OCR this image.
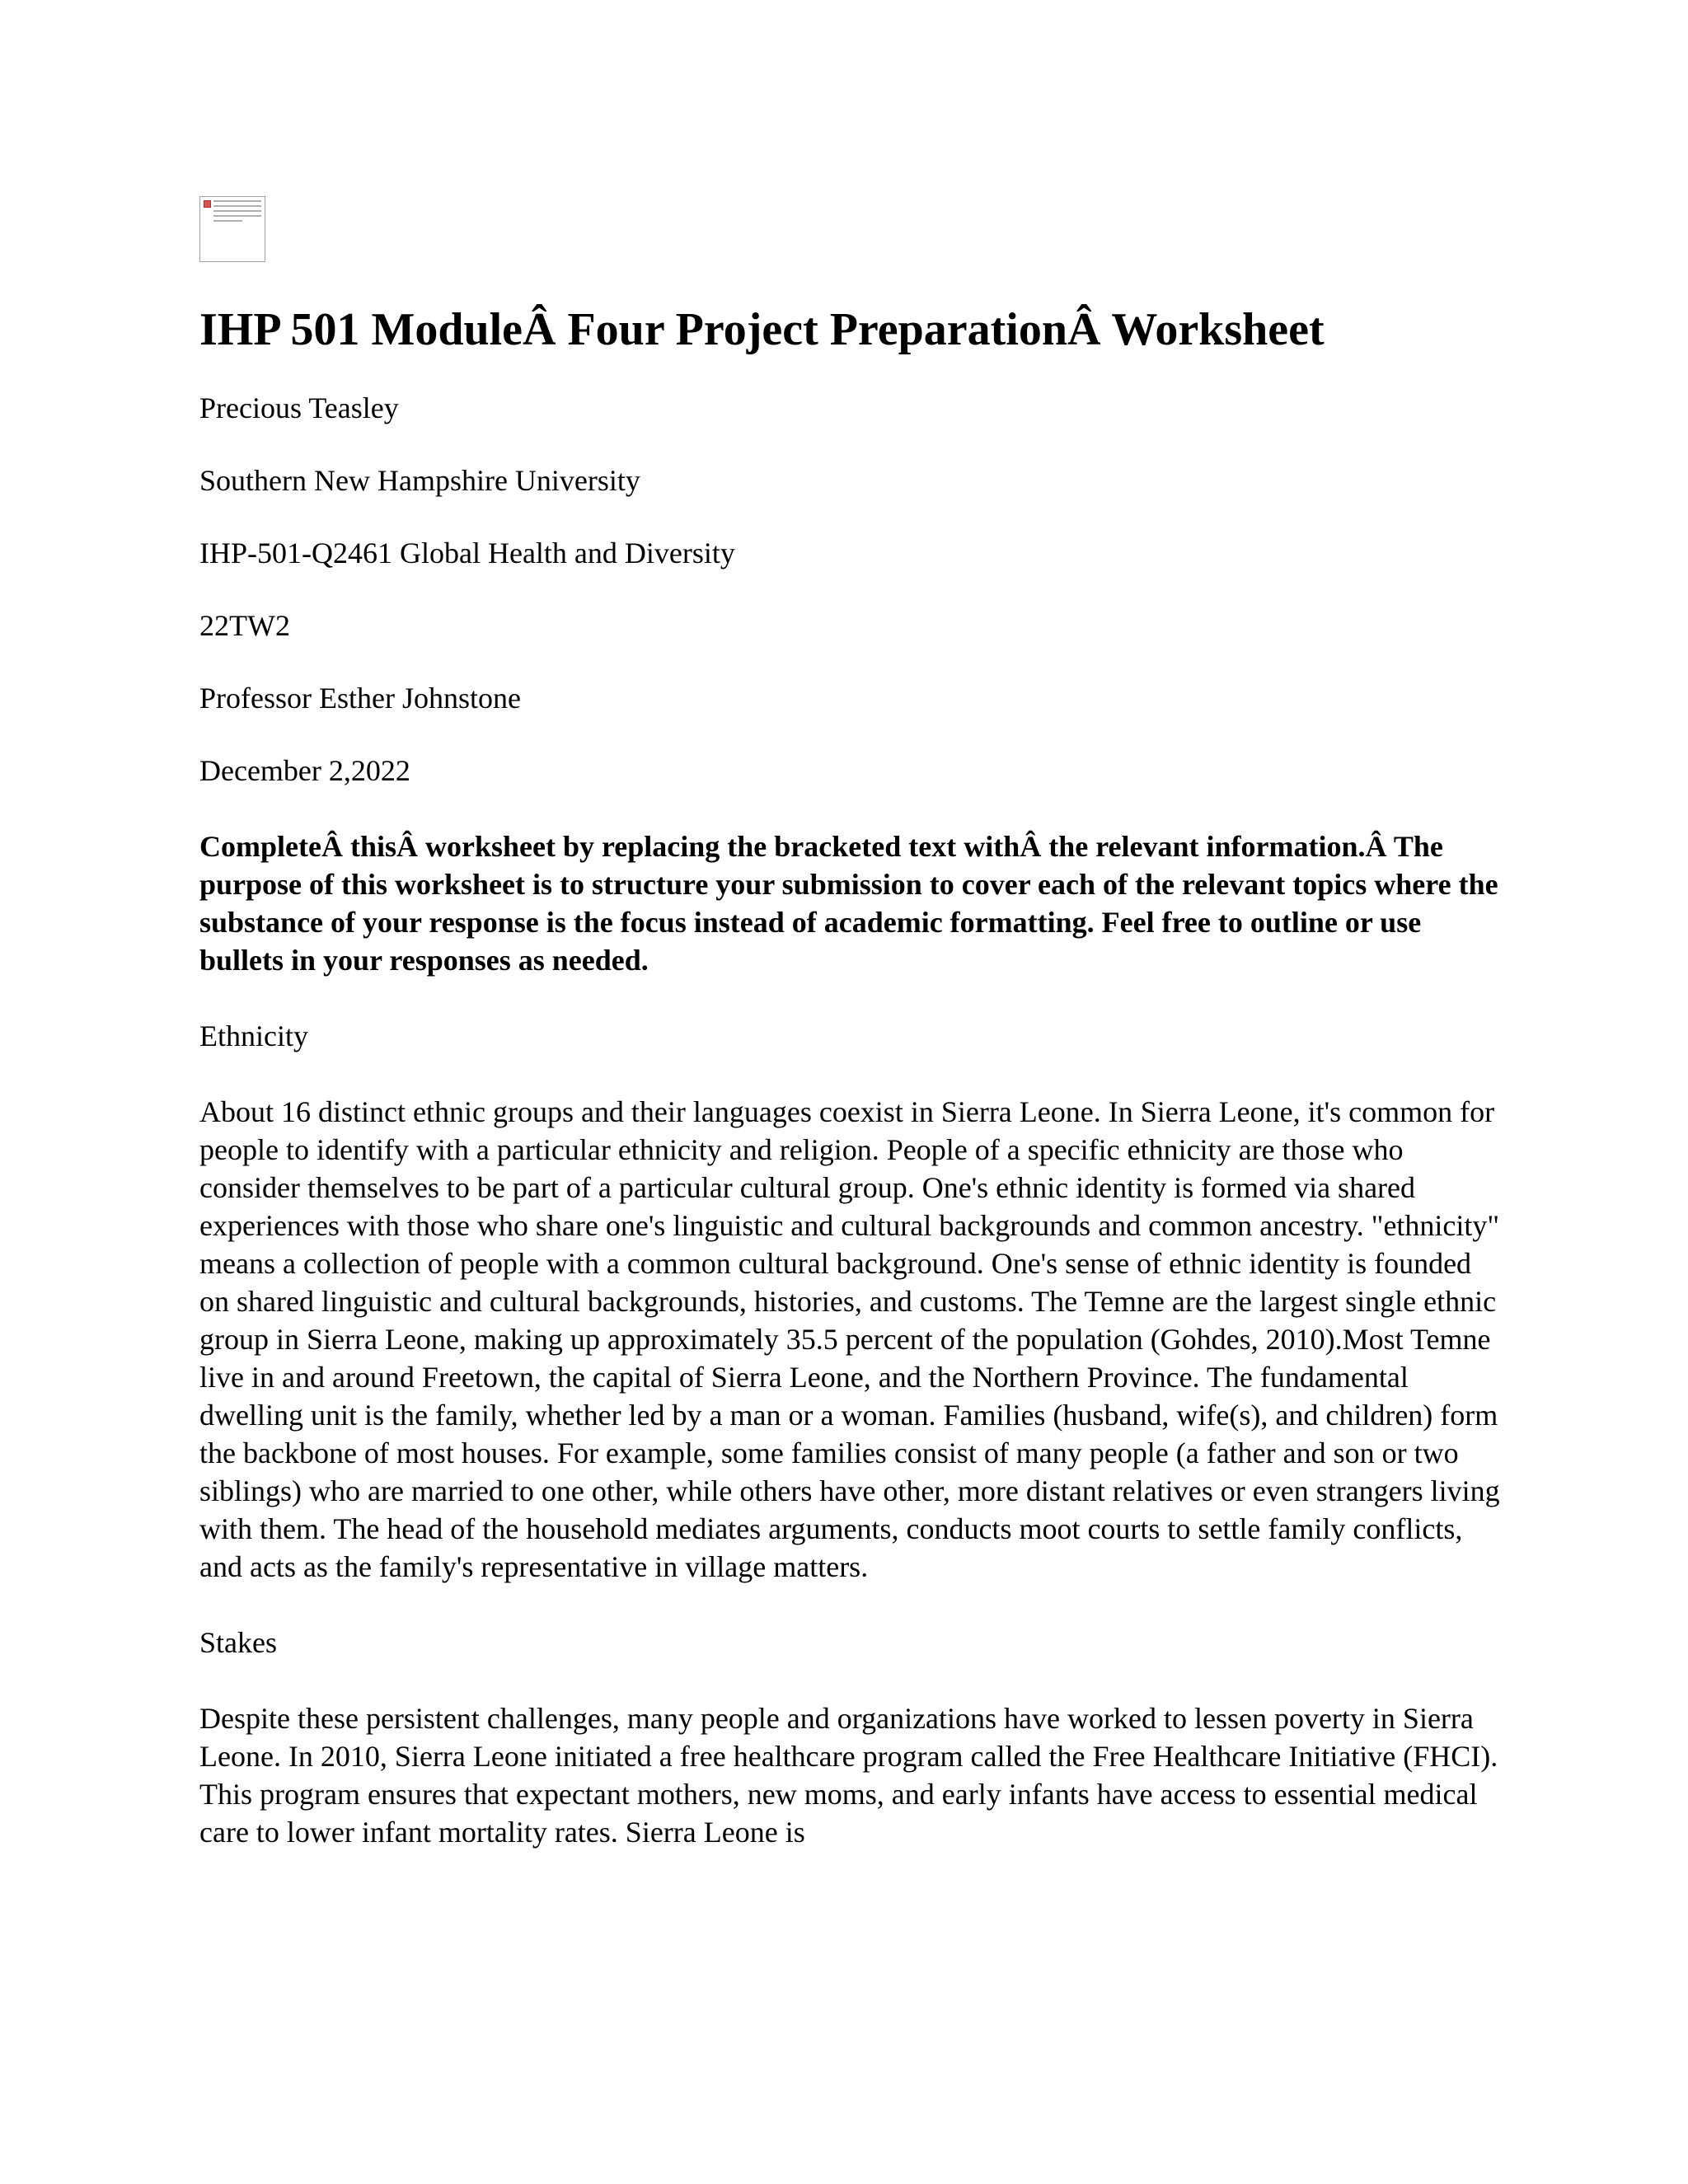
IHP 501 ModuleÂ Four Project PreparationÂ Worksheet

Precious Teasley

Southern New Hampshire University

IHP-501-Q2461 Global Health and Diversity

22TW2

Professor Esther Johnstone

December 2,2022

CompleteÂ thisÂ worksheet by replacing the bracketed text withÂ the relevant information.Â The purpose of this worksheet is to structure your submission to cover each of the relevant topics where the substance of your response is the focus instead of academic formatting. Feel free to outline or use bullets in your responses as needed.

Ethnicity

About 16 distinct ethnic groups and their languages coexist in Sierra Leone. In Sierra Leone, it's common for people to identify with a particular ethnicity and religion. People of a specific ethnicity are those who consider themselves to be part of a particular cultural group. One's ethnic identity is formed via shared experiences with those who share one's linguistic and cultural backgrounds and common ancestry. "ethnicity" means a collection of people with a common cultural background. One's sense of ethnic identity is founded on shared linguistic and cultural backgrounds, histories, and customs. The Temne are the largest single ethnic group in Sierra Leone, making up approximately 35.5 percent of the population (Gohdes, 2010).Most Temne live in and around Freetown, the capital of Sierra Leone, and the Northern Province. The fundamental dwelling unit is the family, whether led by a man or a woman. Families (husband, wife(s), and children) form the backbone of most houses. For example, some families consist of many people (a father and son or two siblings) who are married to one other, while others have other, more distant relatives or even strangers living with them. The head of the household mediates arguments, conducts moot courts to settle family conflicts, and acts as the family's representative in village matters.

Stakes

Despite these persistent challenges, many people and organizations have worked to lessen poverty in Sierra Leone. In 2010, Sierra Leone initiated a free healthcare program called the Free Healthcare Initiative (FHCI). This program ensures that expectant mothers, new moms, and early infants have access to essential medical care to lower infant mortality rates. Sierra Leone is
